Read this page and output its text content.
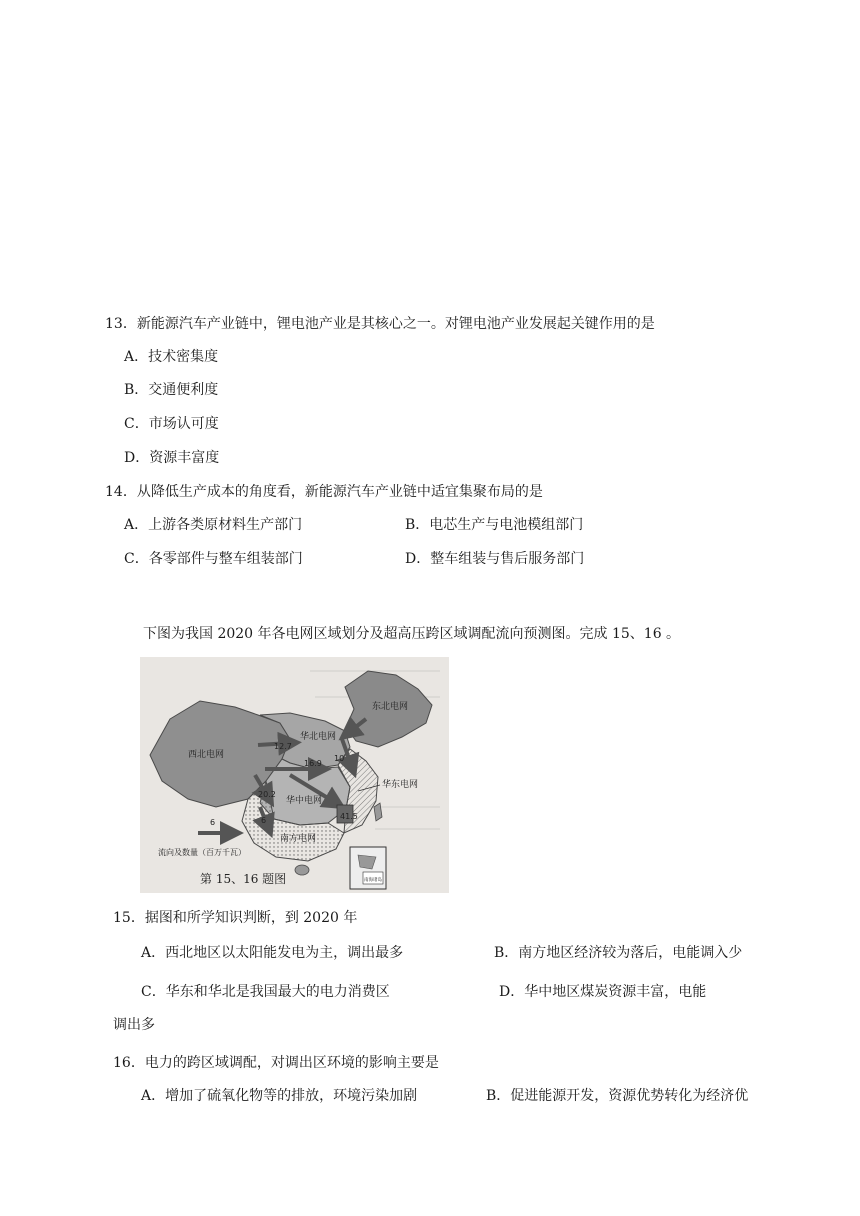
13．新能源汽车产业链中，锂电池产业是其核心之一。对锂电池产业发展起关键作用的是
A．技术密集度
B．交通便利度
C．市场认可度
D．资源丰富度
14．从降低生产成本的角度看，新能源汽车产业链中适宜集聚布局的是
A．上游各类原材料生产部门	B．电芯生产与电池模组部门
C．各零部件与整车组装部门	D．整车组装与售后服务部门
下图为我国 2020 年各电网区域划分及超高压跨区域调配流向预测图。完成 15、16 。
西北电网
华北电网
东北电网
华东电网
华中电网
南方电网
12.7
20.2
16.9
41.5
6
10
6
流向及数量（百万千瓦）
第 15、16 题图	南海诸岛
15．据图和所学知识判断，到 2020 年
A．西北地区以太阳能发电为主，调出最多	B．南方地区经济较为落后，电能调入少
C．华东和华北是我国最大的电力消费区	D．华中地区煤炭资源丰富，电能
调出多
16．电力的跨区域调配，对调出区环境的影响主要是
A．增加了硫氧化物等的排放，环境污染加剧	B．促进能源开发，资源优势转化为经济优
